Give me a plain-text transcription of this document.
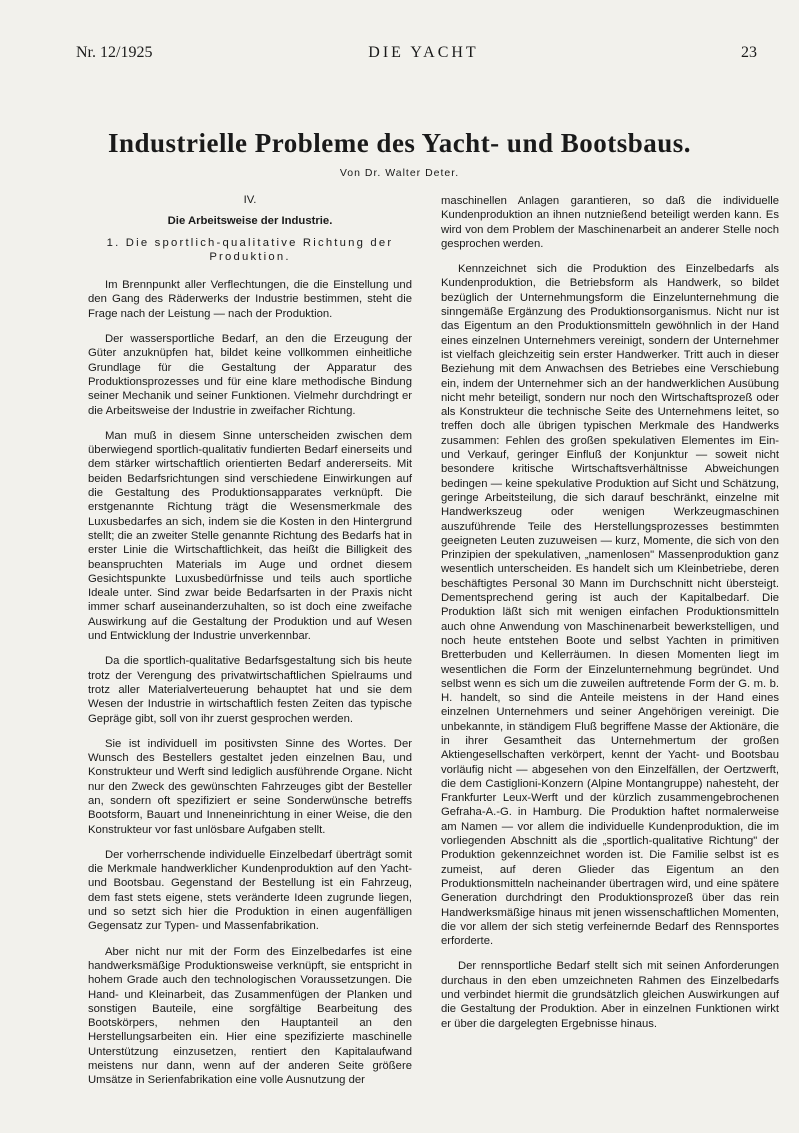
Nr. 12/1925	DIE YACHT	23
Industrielle Probleme des Yacht- und Bootsbaus.
Von Dr. Walter Deter.
IV.
Die Arbeitsweise der Industrie.
1. Die sportlich-qualitative Richtung der Produktion.

Im Brennpunkt aller Verflechtungen, die die Einstellung und den Gang des Räderwerks der Industrie bestimmen, steht die Frage nach der Leistung — nach der Produktion.

Der wassersportliche Bedarf, an den die Erzeugung der Güter anzuknüpfen hat, bildet keine vollkommen einheitliche Grundlage für die Gestaltung der Apparatur des Produktionsprozesses und für eine klare methodische Bindung seiner Mechanik und seiner Funktionen. Vielmehr durchdringt er die Arbeitsweise der Industrie in zweifacher Richtung.

Man muß in diesem Sinne unterscheiden zwischen dem überwiegend sportlich-qualitativ fundierten Bedarf einerseits und dem stärker wirtschaftlich orientierten Bedarf andererseits. Mit beiden Bedarfsrichtungen sind verschiedene Einwirkungen auf die Gestaltung des Produktionsapparates verknüpft. Die erstgenannte Richtung trägt die Wesensmerkmale des Luxusbedarfes an sich, indem sie die Kosten in den Hintergrund stellt; die an zweiter Stelle genannte Richtung des Bedarfs hat in erster Linie die Wirtschaftlichkeit, das heißt die Billigkeit des beanspruchten Materials im Auge und ordnet diesem Gesichtspunkte Luxusbedürfnisse und teils auch sportliche Ideale unter. Sind zwar beide Bedarfsarten in der Praxis nicht immer scharf auseinanderzuhalten, so ist doch eine zweifache Auswirkung auf die Gestaltung der Produktion und auf Wesen und Entwicklung der Industrie unverkennbar.

Da die sportlich-qualitative Bedarfsgestaltung sich bis heute trotz der Verengung des privatwirtschaftlichen Spielraums und trotz aller Materialverteuerung behauptet hat und sie dem Wesen der Industrie in wirtschaftlich festen Zeiten das typische Gepräge gibt, soll von ihr zuerst gesprochen werden.

Sie ist individuell im positivsten Sinne des Wortes. Der Wunsch des Bestellers gestaltet jeden einzelnen Bau, und Konstrukteur und Werft sind lediglich ausführende Organe. Nicht nur den Zweck des gewünschten Fahrzeuges gibt der Besteller an, sondern oft spezifiziert er seine Sonderwünsche betreffs Bootsform, Bauart und Inneneinrichtung in einer Weise, die den Konstrukteur vor fast unlösbare Aufgaben stellt.

Der vorherrschende individuelle Einzelbedarf überträgt somit die Merkmale handwerklicher Kundenproduktion auf den Yacht- und Bootsbau. Gegenstand der Bestellung ist ein Fahrzeug, dem fast stets eigene, stets veränderte Ideen zugrunde liegen, und so setzt sich hier die Produktion in einen augenfälligen Gegensatz zur Typen- und Massenfabrikation.

Aber nicht nur mit der Form des Einzelbedarfes ist eine handwerksmäßige Produktionsweise verknüpft, sie entspricht in hohem Grade auch den technologischen Voraussetzungen. Die Hand- und Kleinarbeit, das Zusammenfügen der Planken und sonstigen Bauteile, eine sorgfältige Bearbeitung des Bootskörpers, nehmen den Hauptanteil an den Herstellungsarbeiten ein. Hier eine spezifizierte maschinelle Unterstützung einzusetzen, rentiert den Kapitalaufwand meistens nur dann, wenn auf der anderen Seite größere Umsätze in Serienfabrikation eine volle Ausnutzung der

maschinellen Anlagen garantieren, so daß die individuelle Kundenproduktion an ihnen nutznießend beteiligt werden kann. Es wird von dem Problem der Maschinenarbeit an anderer Stelle noch gesprochen werden.

Kennzeichnet sich die Produktion des Einzelbedarfs als Kundenproduktion, die Betriebsform als Handwerk, so bildet bezüglich der Unternehmungsform die Einzelunternehmung die sinngemäße Ergänzung des Produktionsorganismus. Nicht nur ist das Eigentum an den Produktionsmitteln gewöhnlich in der Hand eines einzelnen Unternehmers vereinigt, sondern der Unternehmer ist vielfach gleichzeitig sein erster Handwerker. Tritt auch in dieser Beziehung mit dem Anwachsen des Betriebes eine Verschiebung ein, indem der Unternehmer sich an der handwerklichen Ausübung nicht mehr beteiligt, sondern nur noch den Wirtschaftsprozeß oder als Konstrukteur die technische Seite des Unternehmens leitet, so treffen doch alle übrigen typischen Merkmale des Handwerks zusammen: Fehlen des großen spekulativen Elementes im Ein- und Verkauf, geringer Einfluß der Konjunktur — soweit nicht besondere kritische Wirtschaftsverhältnisse Abweichungen bedingen — keine spekulative Produktion auf Sicht und Schätzung, geringe Arbeitsteilung, die sich darauf beschränkt, einzelne mit Handwerkszeug oder wenigen Werkzeugmaschinen auszuführende Teile des Herstellungsprozesses bestimmten geeigneten Leuten zuzuweisen — kurz, Momente, die sich von den Prinzipien der spekulativen, „namenlosen" Massenproduktion ganz wesentlich unterscheiden. Es handelt sich um Kleinbetriebe, deren beschäftigtes Personal 30 Mann im Durchschnitt nicht übersteigt. Dementsprechend gering ist auch der Kapitalbedarf. Die Produktion läßt sich mit wenigen einfachen Produktionsmitteln auch ohne Anwendung von Maschinenarbeit bewerkstelligen, und noch heute entstehen Boote und selbst Yachten in primitiven Bretterbuden und Kellerräumen. In diesen Momenten liegt im wesentlichen die Form der Einzelunternehmung begründet. Und selbst wenn es sich um die zuweilen auftretende Form der G. m. b. H. handelt, so sind die Anteile meistens in der Hand eines einzelnen Unternehmers und seiner Angehörigen vereinigt. Die unbekannte, in ständigem Fluß begriffene Masse der Aktionäre, die in ihrer Gesamtheit das Unternehmertum der großen Aktiengesellschaften verkörpert, kennt der Yacht- und Bootsbau vorläufig nicht — abgesehen von den Einzelfällen, der Oertzwerft, die dem Castiglioni-Konzern (Alpine Montangruppe) nahesteht, der Frankfurter Leux-Werft und der kürzlich zusammengebrochenen Gefraha-A.-G. in Hamburg. Die Produktion haftet normalerweise am Namen — vor allem die individuelle Kundenproduktion, die im vorliegenden Abschnitt als die „sportlich-qualitative Richtung" der Produktion gekennzeichnet worden ist. Die Familie selbst ist es zumeist, auf deren Glieder das Eigentum an den Produktionsmitteln nacheinander übertragen wird, und eine spätere Generation durchdringt den Produktionsprozeß über das rein Handwerksmäßige hinaus mit jenen wissenschaftlichen Momenten, die vor allem der sich stetig verfeinernde Bedarf des Rennsportes erforderte.

Der rennsportliche Bedarf stellt sich mit seinen Anforderungen durchaus in den eben umzeichneten Rahmen des Einzelbedarfs und verbindet hiermit die grundsätzlich gleichen Auswirkungen auf die Gestaltung der Produktion. Aber in einzelnen Funktionen wirkt er über die dargelegten Ergebnisse hinaus.
